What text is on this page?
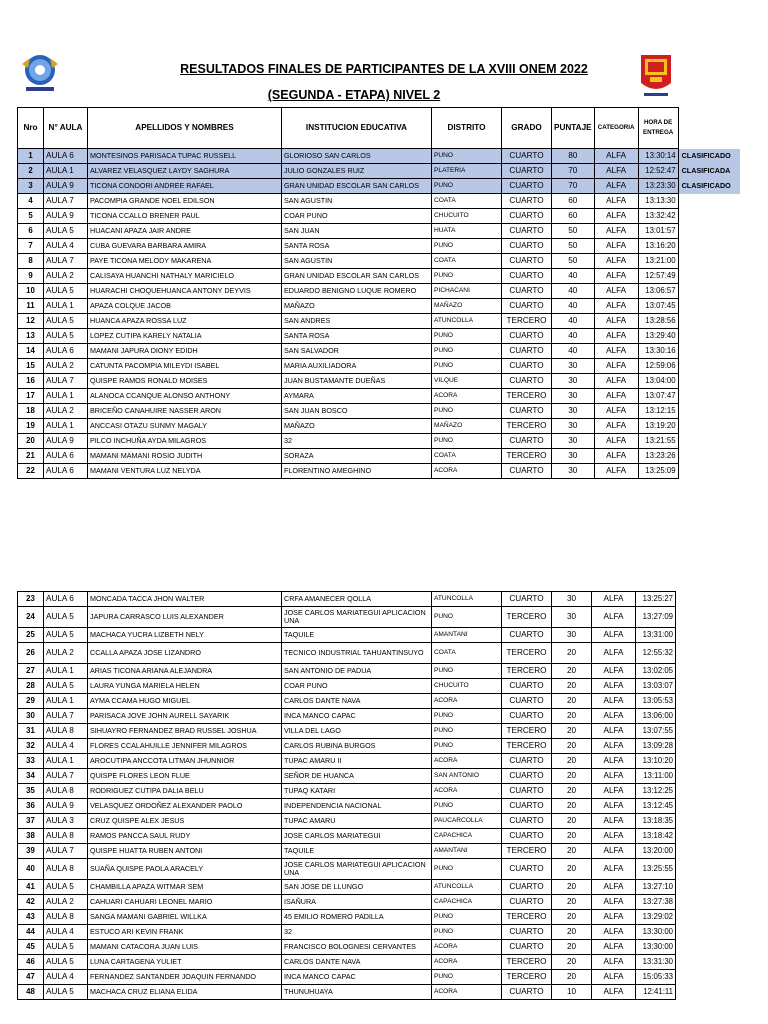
RESULTADOS FINALES DE PARTICIPANTES DE LA XVIII ONEM 2022
(SEGUNDA - ETAPA) NIVEL 2
Nro	N° AULA	APELLIDOS Y NOMBRES	INSTITUCION EDUCATIVA	DISTRITO	GRADO	PUNTAJE	CATEGORIA	HORA DE ENTREGA	
1	AULA 6	MONTESINOS PARISACA TUPAC RUSSELL	GLORIOSO SAN CARLOS	PUNO	CUARTO	80	ALFA	13:30:14	CLASIFICADO
2	AULA 1	ALVAREZ VELASQUEZ LAYDY SAGHURA	JULIO GONZALES RUIZ	PLATERIA	CUARTO	70	ALFA	12:52:47	CLASIFICADA
3	AULA 9	TICONA CONDORI ANDREE RAFAEL	GRAN UNIDAD ESCOLAR SAN CARLOS	PUNO	CUARTO	70	ALFA	13:23:30	CLASIFICADO
4	AULA 7	PACOMPIA GRANDE NOEL EDILSON	SAN AGUSTIN	COATA	CUARTO	60	ALFA	13:13:30	
5	AULA 9	TICONA CCALLO BRENER PAUL	COAR PUNO	CHUCUITO	CUARTO	60	ALFA	13:32:42	
6	AULA 5	HUACANI APAZA JAIR ANDRE	SAN JUAN	HUATA	CUARTO	50	ALFA	13:01:57	
7	AULA 4	CUBA GUEVARA BARBARA AMIRA	SANTA ROSA	PUNO	CUARTO	50	ALFA	13:16:20	
8	AULA 7	PAYE TICONA MELODY MAKARENA	SAN AGUSTIN	COATA	CUARTO	50	ALFA	13:21:00	
9	AULA 2	CALISAYA HUANCHI NATHALY MARICIELO	GRAN UNIDAD ESCOLAR SAN CARLOS	PUNO	CUARTO	40	ALFA	12:57:49	
10	AULA 5	HUARACHI CHOQUEHUANCA ANTONY DEYVIS	EDUARDO BENIGNO LUQUE ROMERO	PICHACANI	CUARTO	40	ALFA	13:06:57	
11	AULA 1	APAZA COLQUE JACOB	MAÑAZO	MAÑAZO	CUARTO	40	ALFA	13:07:45	
12	AULA 5	HUANCA APAZA ROSSA LUZ	SAN ANDRES	ATUNCOLLA	TERCERO	40	ALFA	13:28:56	
13	AULA 5	LOPEZ CUTIPA KARELY NATALIA	SANTA ROSA	PUNO	CUARTO	40	ALFA	13:29:40	
14	AULA 6	MAMANI JAPURA DIONY EDIDH	SAN SALVADOR	PUNO	CUARTO	40	ALFA	13:30:16	
15	AULA 2	CATUNTA PACOMPIA MILEYDI ISABEL	MARIA AUXILIADORA	PUNO	CUARTO	30	ALFA	12:59:06	
16	AULA 7	QUISPE RAMOS RONALD MOISES	JUAN BUSTAMANTE DUEÑAS	VILQUE	CUARTO	30	ALFA	13:04:00	
17	AULA 1	ALANOCA CCANQUE ALONSO ANTHONY	AYMARA	ACORA	TERCERO	30	ALFA	13:07:47	
18	AULA 2	BRICEÑO CANAHUIRE NASSER ARON	SAN JUAN BOSCO	PUNO	CUARTO	30	ALFA	13:12:15	
19	AULA 1	ANCCASI OTAZU SUNMY MAGALY	MAÑAZO	MAÑAZO	TERCERO	30	ALFA	13:19:20	
20	AULA 9	PILCO INCHUÑA AYDA MILAGROS	32	PUNO	CUARTO	30	ALFA	13:21:55	
21	AULA 6	MAMANI MAMANI ROSIO JUDITH	SORAZA	COATA	TERCERO	30	ALFA	13:23:26	
22	AULA 6	MAMANI VENTURA LUZ NELYDA	FLORENTINO AMEGHINO	ACORA	CUARTO	30	ALFA	13:25:09	
23	AULA 6	MONCADA TACCA JHON WALTER	CRFA AMANECER QOLLA	ATUNCOLLA	CUARTO	30	ALFA	13:25:27
24	AULA 5	JAPURA CARRASCO LUIS ALEXANDER	JOSE CARLOS MARIATEGUI APLICACION UNA	PUNO	TERCERO	30	ALFA	13:27:09
25	AULA 5	MACHACA YUCRA LIZBETH NELY	TAQUILE	AMANTANI	CUARTO	30	ALFA	13:31:00
26	AULA 2	CCALLA APAZA JOSE LIZANDRO	TECNICO INDUSTRIAL TAHUANTINSUYO	COATA	TERCERO	20	ALFA	12:55:32
27	AULA 1	ARIAS TICONA ARIANA ALEJANDRA	SAN ANTONIO DE PADUA	PUNO	TERCERO	20	ALFA	13:02:05
28	AULA 5	LAURA YUNGA MARIELA HELEN	COAR PUNO	CHUCUITO	CUARTO	20	ALFA	13:03:07
29	AULA 1	AYMA CCAMA HUGO MIGUEL	CARLOS DANTE NAVA	ACORA	CUARTO	20	ALFA	13:05:53
30	AULA 7	PARISACA JOVE JOHN AURELL SAYARIK	INCA MANCO CAPAC	PUNO	CUARTO	20	ALFA	13:06:00
31	AULA 8	SIHUAYRO FERNANDEZ BRAD RUSSEL JOSHUA	VILLA DEL LAGO	PUNO	TERCERO	20	ALFA	13:07:55
32	AULA 4	FLORES CCALAHUILLE JENNIFER MILAGROS	CARLOS RUBINA BURGOS	PUNO	TERCERO	20	ALFA	13:09:28
33	AULA 1	AROCUTIPA ANCCOTA LITMAN JHUNNIOR	TUPAC AMARU II	ACORA	CUARTO	20	ALFA	13:10:20
34	AULA 7	QUISPE FLORES LEON FLUE	SEÑOR DE HUANCA	SAN ANTONIO	CUARTO	20	ALFA	13:11:00
35	AULA 8	RODRIGUEZ CUTIPA DALIA BELU	TUPAQ KATARI	ACORA	CUARTO	20	ALFA	13:12:25
36	AULA 9	VELASQUEZ ORDOÑEZ ALEXANDER PAOLO	INDEPENDENCIA NACIONAL	PUNO	CUARTO	20	ALFA	13:12:45
37	AULA 3	CRUZ QUISPE ALEX JESUS	TUPAC AMARU	PAUCARCOLLA	CUARTO	20	ALFA	13:18:35
38	AULA 8	RAMOS PANCCA SAUL RUDY	JOSE CARLOS MARIATEGUI	CAPACHICA	CUARTO	20	ALFA	13:18:42
39	AULA 7	QUISPE HUATTA RUBEN ANTONI	TAQUILE	AMANTANI	TERCERO	20	ALFA	13:20:00
40	AULA 8	SUAÑA QUISPE PAOLA ARACELY	JOSE CARLOS MARIATEGUI APLICACION UNA	PUNO	CUARTO	20	ALFA	13:25:55
41	AULA 5	CHAMBILLA APAZA WITMAR SEM	SAN JOSE DE LLUNGO	ATUNCOLLA	CUARTO	20	ALFA	13:27:10
42	AULA 2	CAHUARI CAHUARI LEONEL MARIO	ISAÑURA	CAPACHICA	CUARTO	20	ALFA	13:27:38
43	AULA 8	SANGA MAMANI GABRIEL WILLKA	45 EMILIO ROMERO PADILLA	PUNO	TERCERO	20	ALFA	13:29:02
44	AULA 4	ESTUCO ARI KEVIN FRANK	32	PUNO	CUARTO	20	ALFA	13:30:00
45	AULA 5	MAMANI CATACORA JUAN LUIS	FRANCISCO BOLOGNESI CERVANTES	ACORA	CUARTO	20	ALFA	13:30:00
46	AULA 5	LUNA CARTAGENA YULIET	CARLOS DANTE NAVA	ACORA	TERCERO	20	ALFA	13:31:30
47	AULA 4	FERNANDEZ SANTANDER JOAQUIN FERNANDO	INCA MANCO CAPAC	PUNO	TERCERO	20	ALFA	15:05:33
48	AULA 5	MACHACA CRUZ ELIANA ELIDA	THUNUHUAYA	ACORA	CUARTO	10	ALFA	12:41:11
